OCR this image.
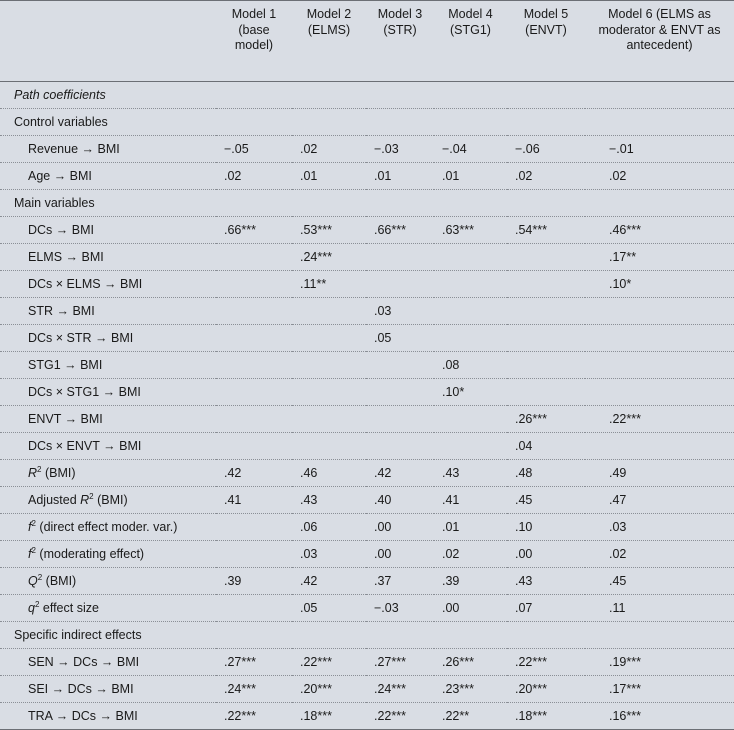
	Model 1 (base model)	Model 2 (ELMS)	Model 3 (STR)	Model 4 (STG1)	Model 5 (ENVT)	Model 6 (ELMS as moderator & ENVT as antecedent)
Path coefficients						
Control variables						
Revenue → BMI	−.05	.02	−.03	−.04	−.06	−.01
Age → BMI	.02	.01	.01	.01	.02	.02
Main variables						
DCs → BMI	.66***	.53***	.66***	.63***	.54***	.46***
ELMS → BMI		.24***				.17**
DCs × ELMS → BMI		.11**				.10*
STR → BMI			.03			
DCs × STR → BMI			.05			
STG1 → BMI				.08		
DCs × STG1 → BMI				.10*		
ENVT → BMI					.26***	.22***
DCs × ENVT → BMI					.04	
$R^2$ (BMI)	.42	.46	.42	.43	.48	.49
Adjusted $R^2$ (BMI)	.41	.43	.40	.41	.45	.47
$f^2$ (direct effect moder. var.)		.06	.00	.01	.10	.03
$f^2$ (moderating effect)		.03	.00	.02	.00	.02
$Q^2$ (BMI)	.39	.42	.37	.39	.43	.45
$q^2$ effect size		.05	−.03	.00	.07	.11
Specific indirect effects						
SEN → DCs → BMI	.27***	.22***	.27***	.26***	.22***	.19***
SEI → DCs → BMI	.24***	.20***	.24***	.23***	.20***	.17***
TRA → DCs → BMI	.22***	.18***	.22***	.22**	.18***	.16***
